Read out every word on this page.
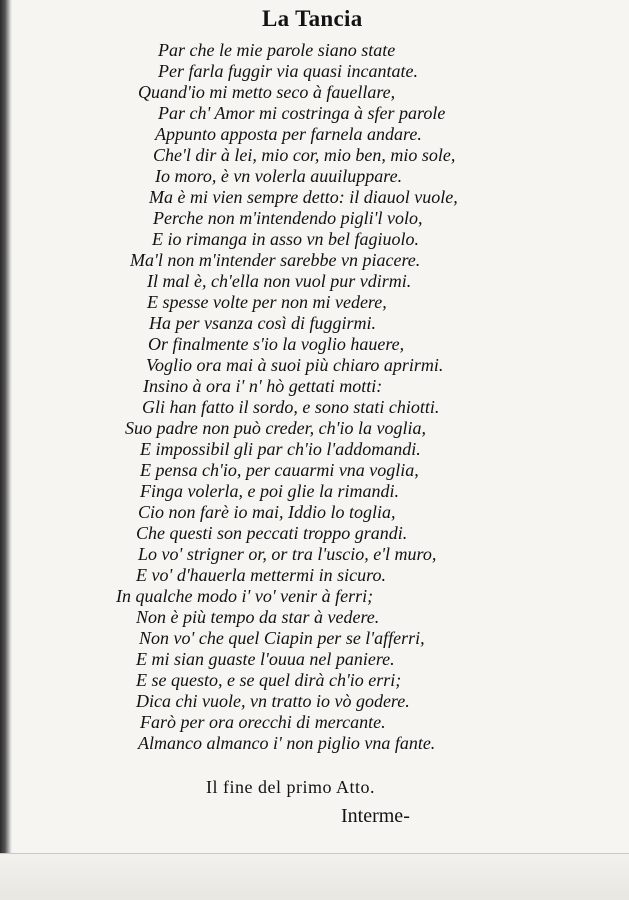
La Tancia
Par che le mie parole siano state
Per farla fuggir via quasi incantate.
Quand'io mi metto seco à fauellare,
Par ch' Amor mi costringa à sfer parole
Appunto apposta per farnela andare.
Che'l dir à lei, mio cor, mio ben, mio sole,
Io moro, è vn volerla auuiluppare.
Ma è mi vien sempre detto: il diauol vuole,
Perche non m'intendendo pigli'l volo,
E io rimanga in asso vn bel fagiuolo.
Ma'l non m'intender sarebbe vn piacere.
Il mal è, ch'ella non vuol pur vdirmi.
E spesse volte per non mi vedere,
Ha per vsanza così di fuggirmi.
Or finalmente s'io la voglio hauere,
Voglio ora mai à suoi più chiaro aprirmi.
Insino à ora i' n' hò gettati motti:
Gli han fatto il sordo, e sono stati chiotti.
Suo padre non può creder, ch'io la voglia,
E impossibil gli par ch'io l'addomandi.
E pensa ch'io, per cauarmi vna voglia,
Finga volerla, e poi glie la rimandi.
Cio non farè io mai, Iddio lo toglia,
Che questi son peccati troppo grandi.
Lo vo' strigner or, or tra l'uscio, e'l muro,
E vo' d'hauerla mettermi in sicuro.
In qualche modo i' vo' venir à ferri;
Non è più tempo da star à vedere.
Non vo' che quel Ciapin per se l'afferri,
E mi sian guaste l'ouua nel paniere.
E se questo, e se quel dirà ch'io erri;
Dica chi vuole, vn tratto io vò godere.
Farò per ora orecchi di mercante.
Almanco almanco i' non piglio vna fante.
Il fine del primo Atto.
Interme-
